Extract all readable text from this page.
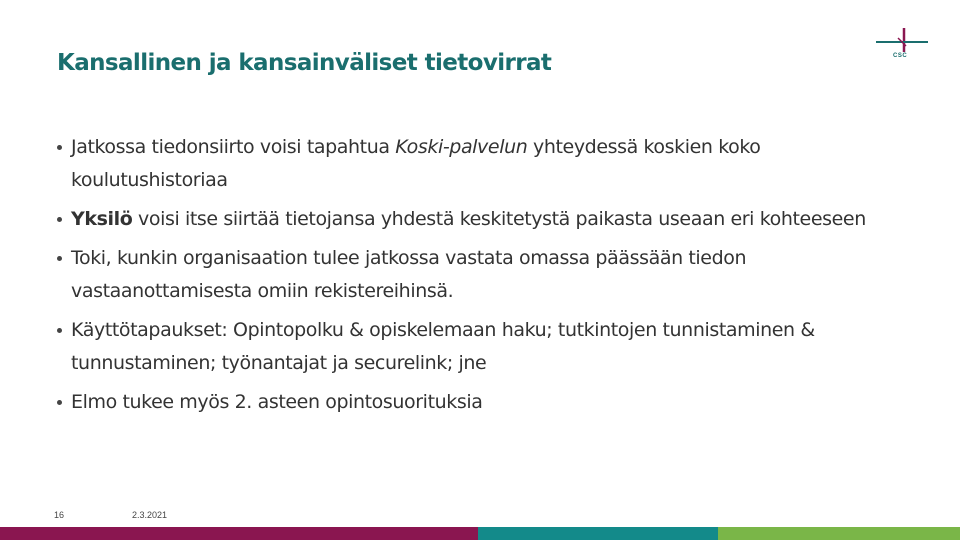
Kansallinen ja kansainväliset tietovirrat	CSC
Jatkossa tiedonsiirto voisi tapahtua Koski-palvelun yhteydessä koskien koko koulutushistoriaa
Yksilö voisi itse siirtää tietojansa yhdestä keskitetystä paikasta useaan eri kohteeseen
Toki, kunkin organisaation tulee jatkossa vastata omassa päässään tiedon vastaanottamisesta omiin rekistereihinsä.
Käyttötapaukset: Opintopolku & opiskelemaan haku; tutkintojen tunnistaminen & tunnustaminen; työnantajat ja securelink; jne
Elmo tukee myös 2. asteen opintosuorituksia
16	2.3.2021
